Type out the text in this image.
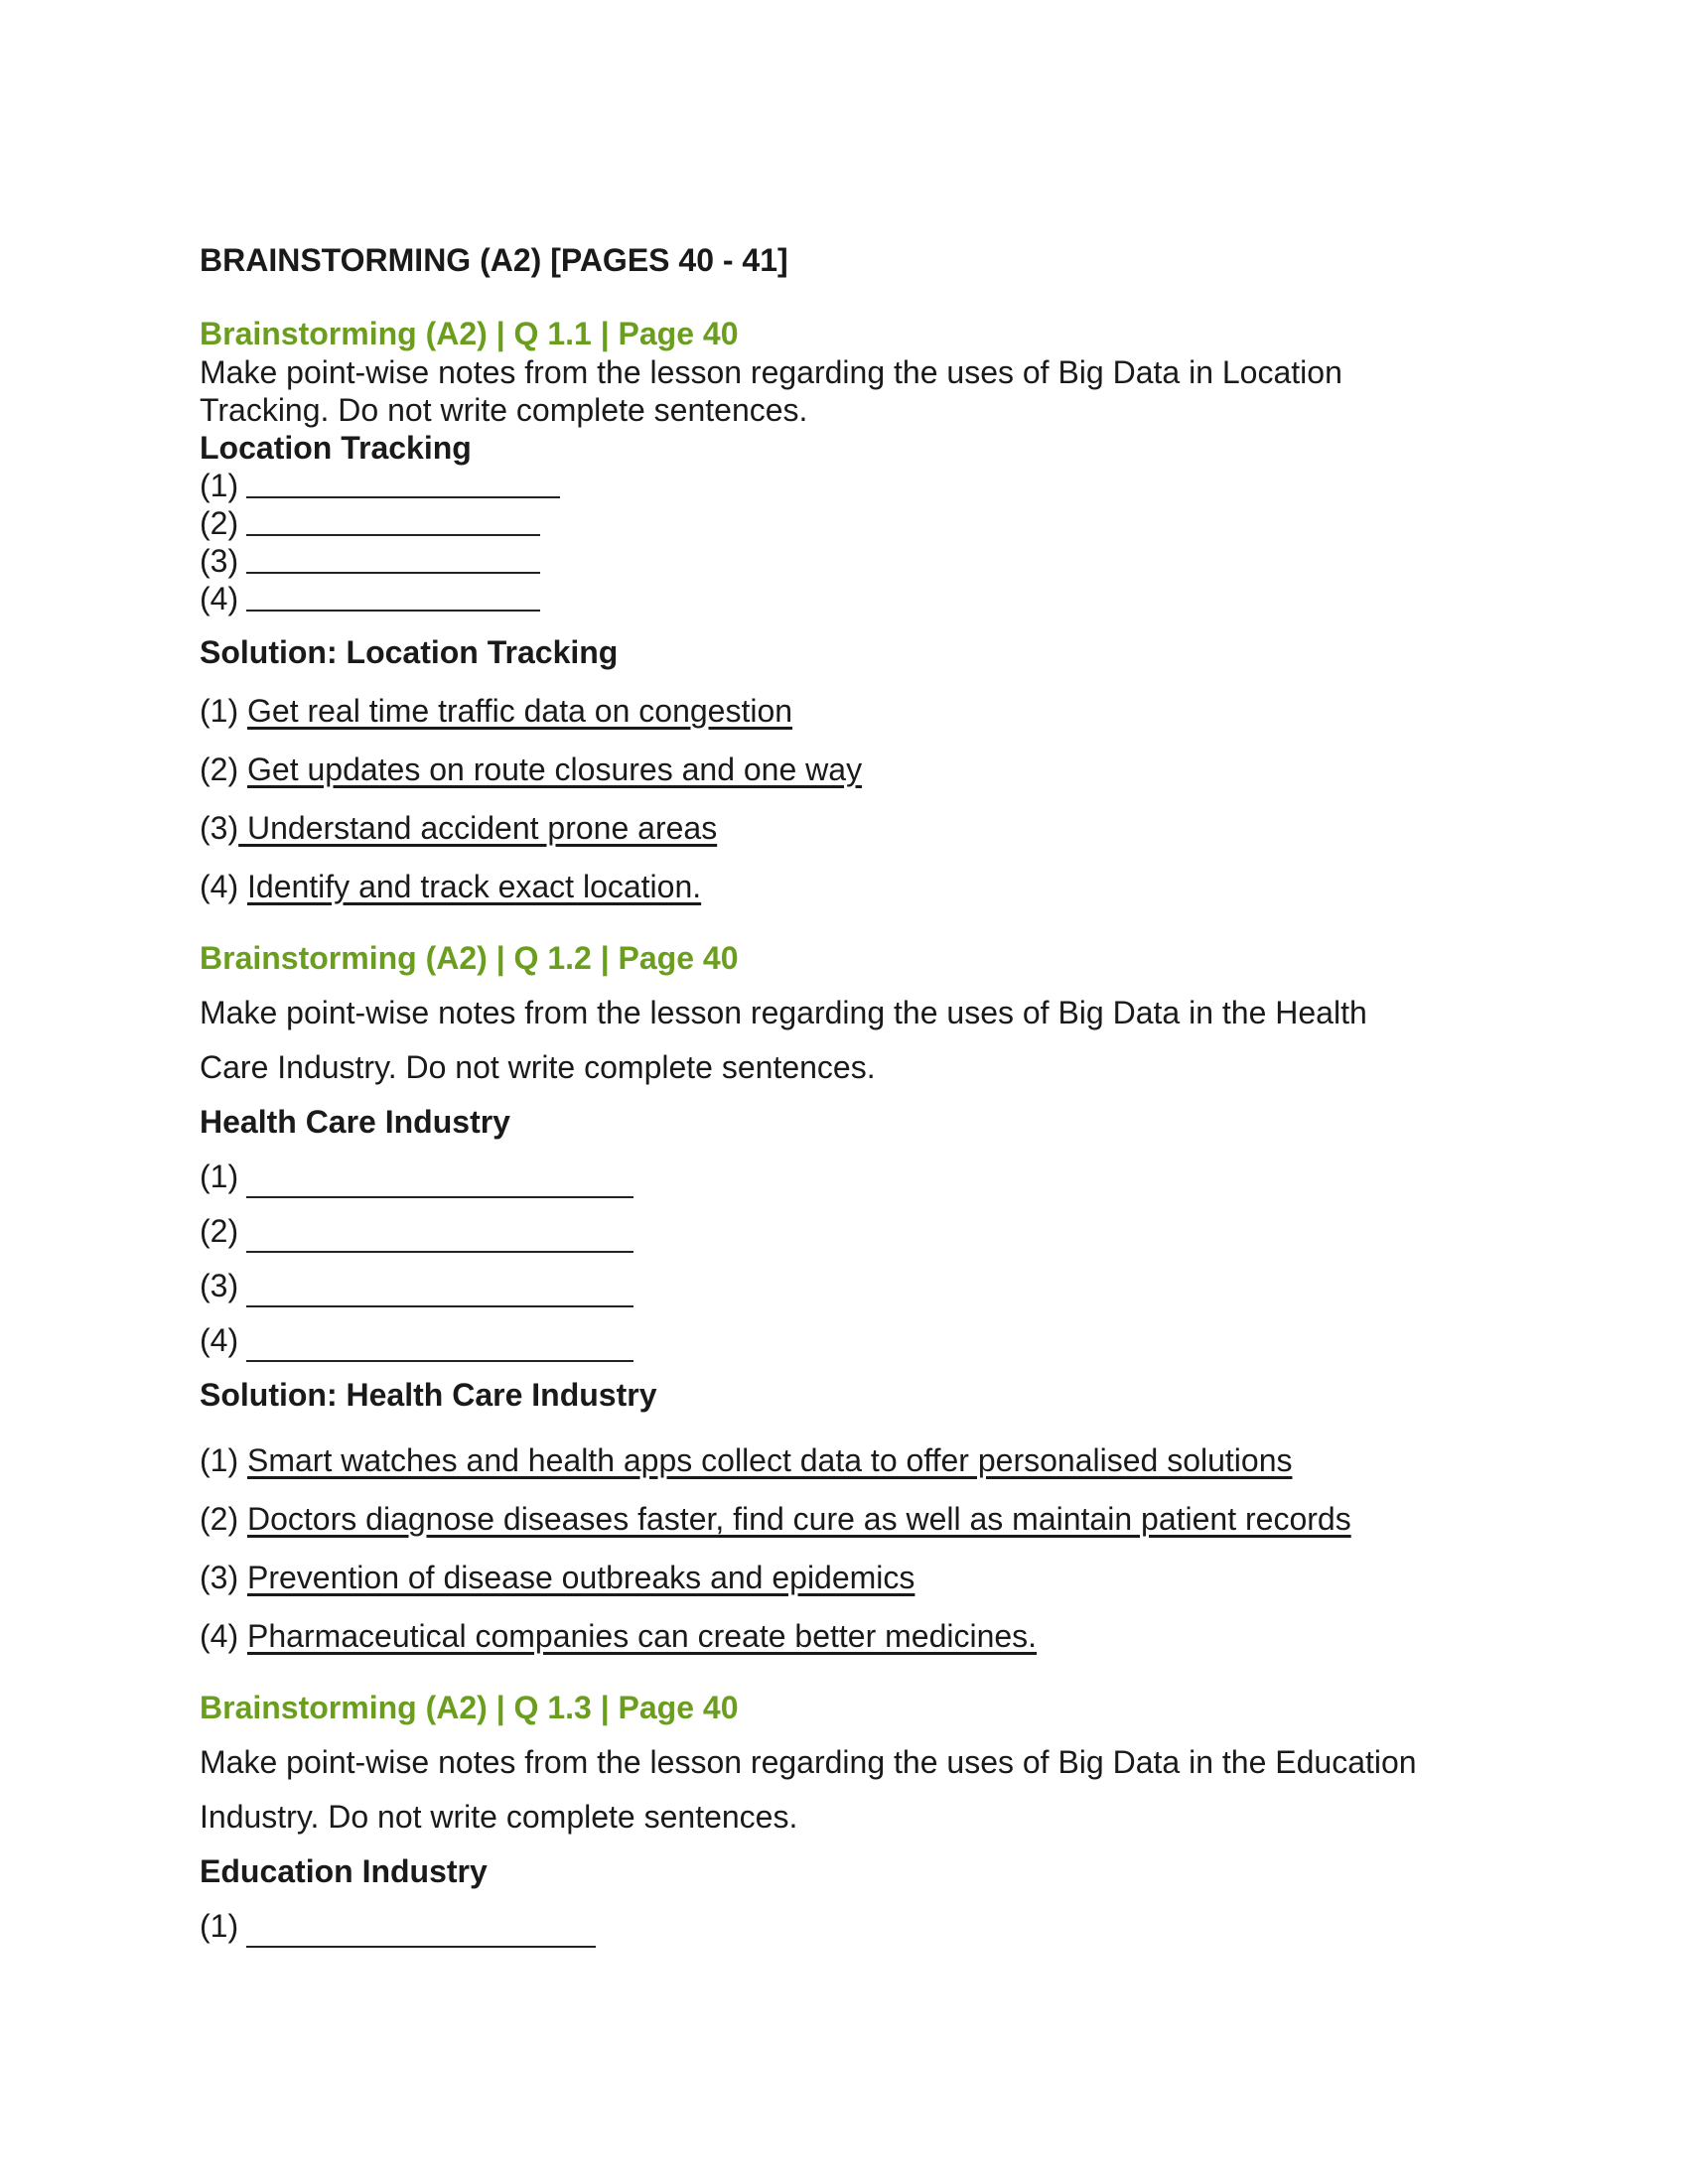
BRAINSTORMING (A2) [PAGES 40 - 41]

Brainstorming (A2) | Q 1.1 | Page 40

Make point-wise notes from the lesson regarding the uses of Big Data in Location

Tracking. Do not write complete sentences.

Location Tracking

(1)
(2)
(3)
(4)

Solution: Location Tracking

(1) Get real time traffic data on congestion

(2) Get updates on route closures and one way

(3) Understand accident prone areas

(4) Identify and track exact location.

Brainstorming (A2) | Q 1.2 | Page 40

Make point-wise notes from the lesson regarding the uses of Big Data in the Health

Care Industry. Do not write complete sentences.

Health Care Industry

(1)
(2)
(3)
(4)

Solution: Health Care Industry

(1) Smart watches and health apps collect data to offer personalised solutions

(2) Doctors diagnose diseases faster, find cure as well as maintain patient records

(3) Prevention of disease outbreaks and epidemics

(4) Pharmaceutical companies can create better medicines.

Brainstorming (A2) | Q 1.3 | Page 40

Make point-wise notes from the lesson regarding the uses of Big Data in the Education

Industry. Do not write complete sentences.

Education Industry

(1)
